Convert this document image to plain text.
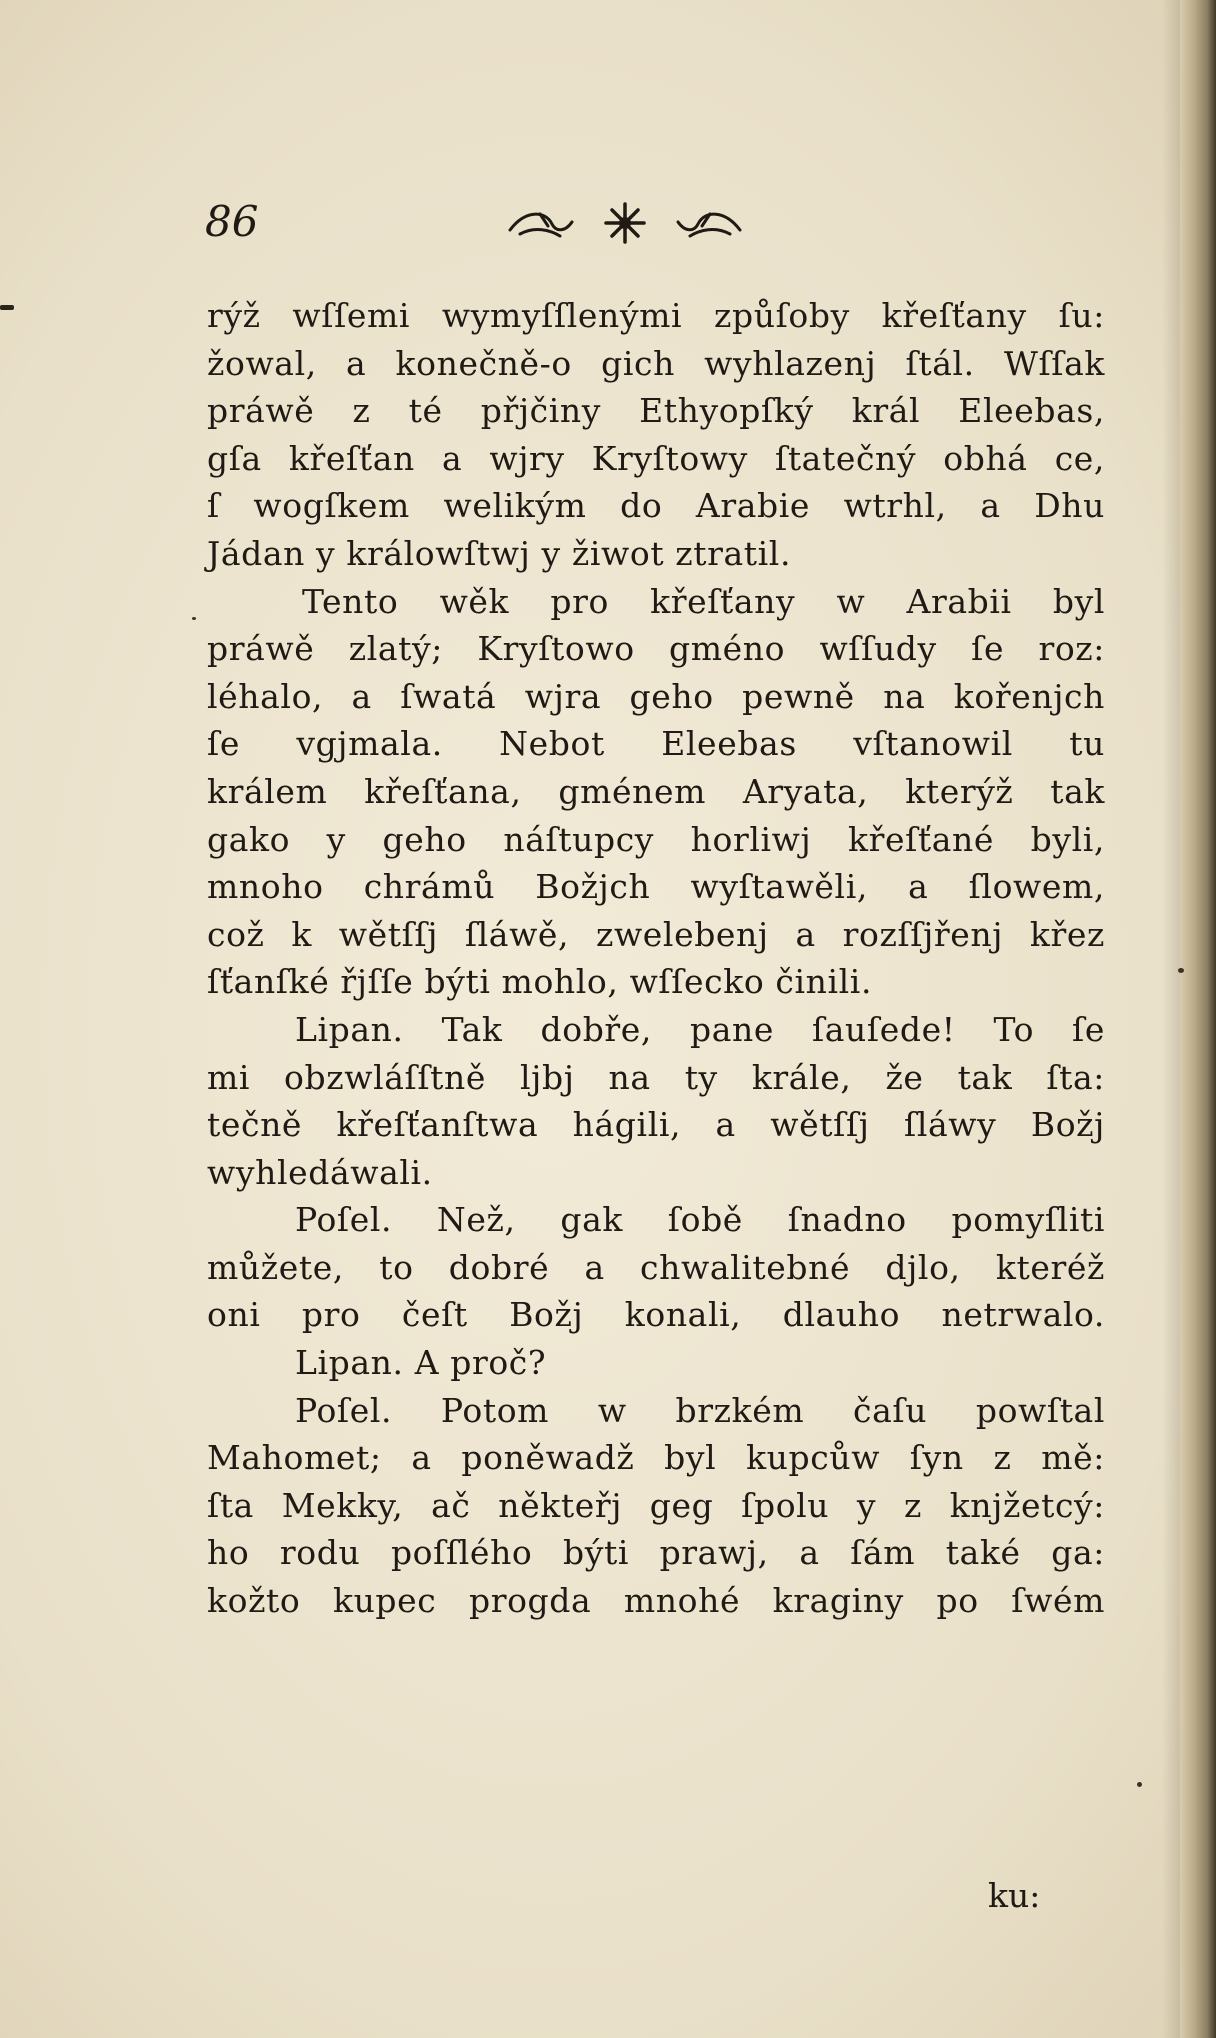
86
rýž wſſemi wymyſſlenými způſoby křeſťany ſu:
žowal, a konečně-o gich wyhlazenj ſtál. Wſſak
práwě z té přjčiny Ethyopſký král Eleebas,
gſa křeſťan a wjry Kryſtowy ſtatečný obhá ce,
ſ wogſkem welikým do Arabie wtrhl, a Dhu
Jádan y králowſtwj y žiwot ztratil.
Tento wěk pro křeſťany w Arabii byl
práwě zlatý; Kryſtowo gméno wſſudy ſe roz:
léhalo, a ſwatá wjra geho pewně na kořenjch
ſe vgjmala. Nebot Eleebas vſtanowil tu
králem křeſťana, gménem Aryata, kterýž tak
gako y geho náſtupcy horliwj křeſťané byli,
mnoho chrámů Božjch wyſtawěli, a ſlowem,
což k wětſſj ſláwě, zwelebenj a rozſſjřenj křez
ſťanſké řjſſe býti mohlo, wſſecko činili.
Lipan. Tak dobře, pane ſauſede! To ſe
mi obzwláſſtně ljbj na ty krále, že tak ſta:
tečně křeſťanſtwa hágili, a wětſſj ſláwy Božj
wyhledáwali.
Poſel. Než, gak ſobě ſnadno pomyſliti
můžete, to dobré a chwalitebné djlo, kteréž
oni pro čeſt Božj konali, dlauho netrwalo.
Lipan. A proč?
Poſel. Potom w brzkém čaſu powſtal
Mahomet; a poněwadž byl kupcůw ſyn z mě:
ſta Mekky, ač někteřj geg ſpolu y z knjžetcý:
ho rodu poſſlého býti prawj, a ſám také ga:
kožto kupec progda mnohé kraginy po ſwém
ku:
